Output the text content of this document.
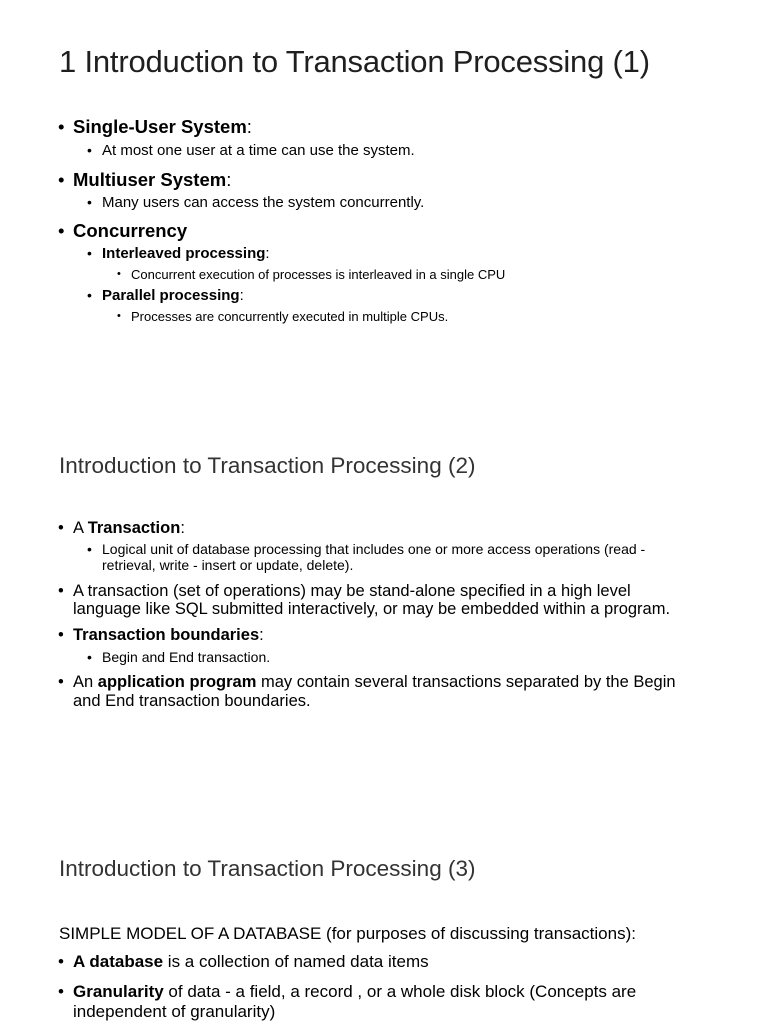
1 Introduction to Transaction Processing (1)
• Single-User System:
• At most one user at a time can use the system.
• Multiuser System:
• Many users can access the system concurrently.
• Concurrency
• Interleaved processing:
• Concurrent execution of processes is interleaved in a single CPU
• Parallel processing:
• Processes are concurrently executed in multiple CPUs.
Introduction to Transaction Processing (2)
• A Transaction:
• Logical unit of database processing that includes one or more access operations (read -
retrieval, write - insert or update, delete).
• A transaction (set of operations) may be stand-alone specified in a high level
language like SQL submitted interactively, or may be embedded within a program.
• Transaction boundaries:
• Begin and End transaction.
• An application program may contain several transactions separated by the Begin
and End transaction boundaries.
Introduction to Transaction Processing (3)
SIMPLE MODEL OF A DATABASE (for purposes of discussing transactions):
• A database is a collection of named data items
• Granularity of data - a field, a record , or a whole disk block (Concepts are
independent of granularity)
